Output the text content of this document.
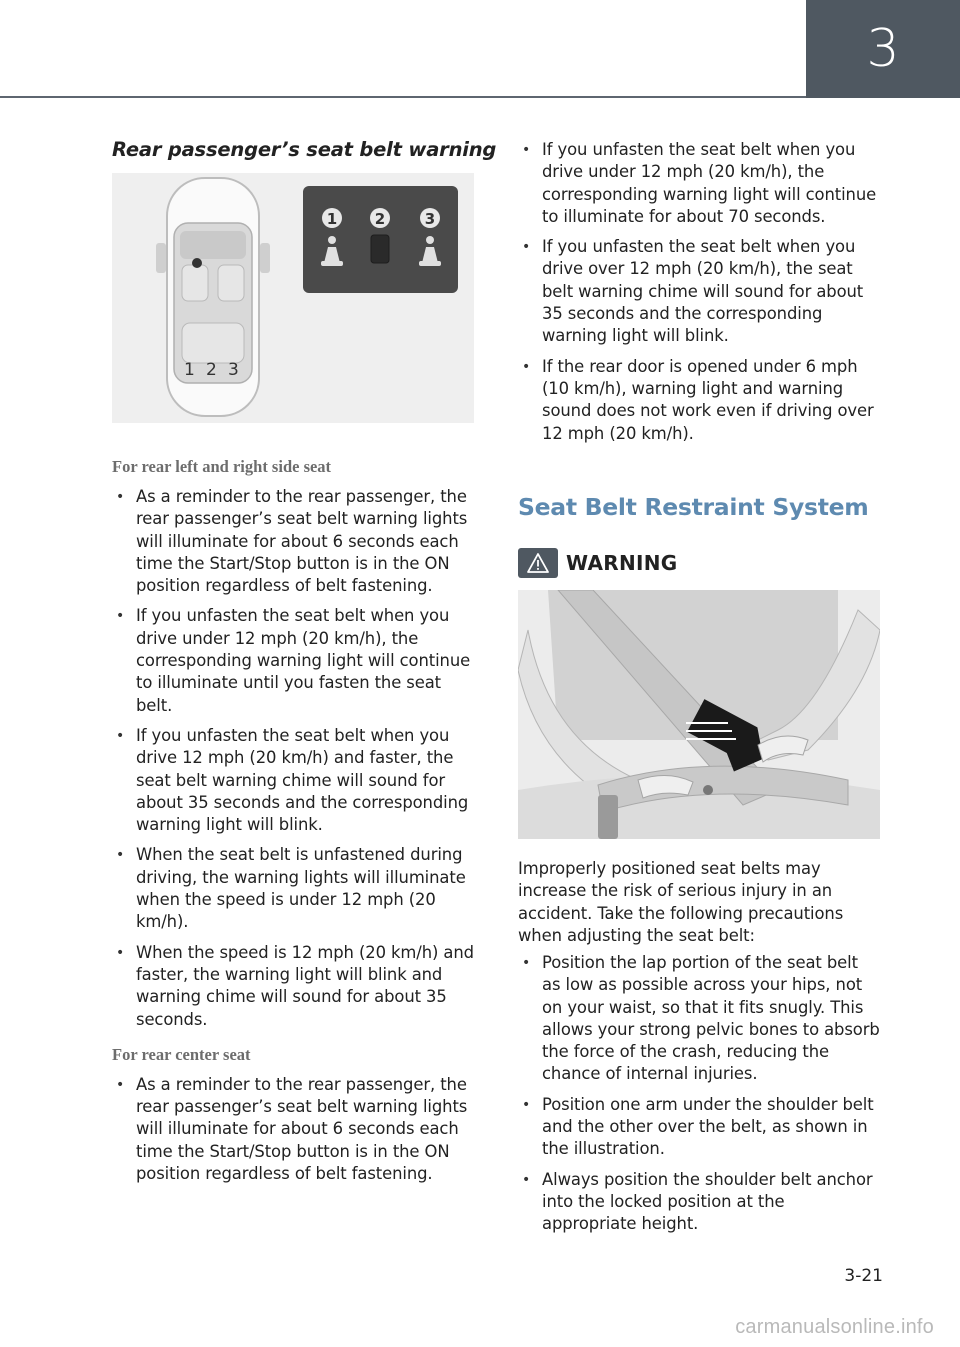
3
Rear passenger’s seat belt warning
1 2 3
1	2	3
For rear left and right side seat
• As a reminder to the rear passenger, the rear passenger’s seat belt warning lights will illuminate for about 6 seconds each time the Start/Stop button is in the ON position regardless of belt fastening.
• If you unfasten the seat belt when you drive under 12 mph (20 km/h), the corresponding warning light will continue to illuminate until you fasten the seat belt.
• If you unfasten the seat belt when you drive 12 mph (20 km/h) and faster, the seat belt warning chime will sound for about 35 seconds and the corresponding warning light will blink.
• When the seat belt is unfastened during driving, the warning lights will illuminate when the speed is under 12 mph (20 km/h).
• When the speed is 12 mph (20 km/h) and faster, the warning light will blink and warning chime will sound for about 35 seconds.
For rear center seat
• As a reminder to the rear passenger, the rear passenger’s seat belt warning lights will illuminate for about 6 seconds each time the Start/Stop button is in the ON position regardless of belt fastening.
• If you unfasten the seat belt when you drive under 12 mph (20 km/h), the corresponding warning light will continue to illuminate for about 70 seconds.
• If you unfasten the seat belt when you drive over 12 mph (20 km/h), the seat belt warning chime will sound for about 35 seconds and the corresponding warning light will blink.
• If the rear door is opened under 6 mph (10 km/h), warning light and warning sound does not work even if driving over 12 mph (20 km/h).
Seat Belt Restraint System
WARNING
Improperly positioned seat belts may increase the risk of serious injury in an accident. Take the following precautions when adjusting the seat belt:
• Position the lap portion of the seat belt as low as possible across your hips, not on your waist, so that it fits snugly. This allows your strong pelvic bones to absorb the force of the crash, reducing the chance of internal injuries.
• Position one arm under the shoulder belt and the other over the belt, as shown in the illustration.
• Always position the shoulder belt anchor into the locked position at the appropriate height.
3-21
carmanualsonline.info
